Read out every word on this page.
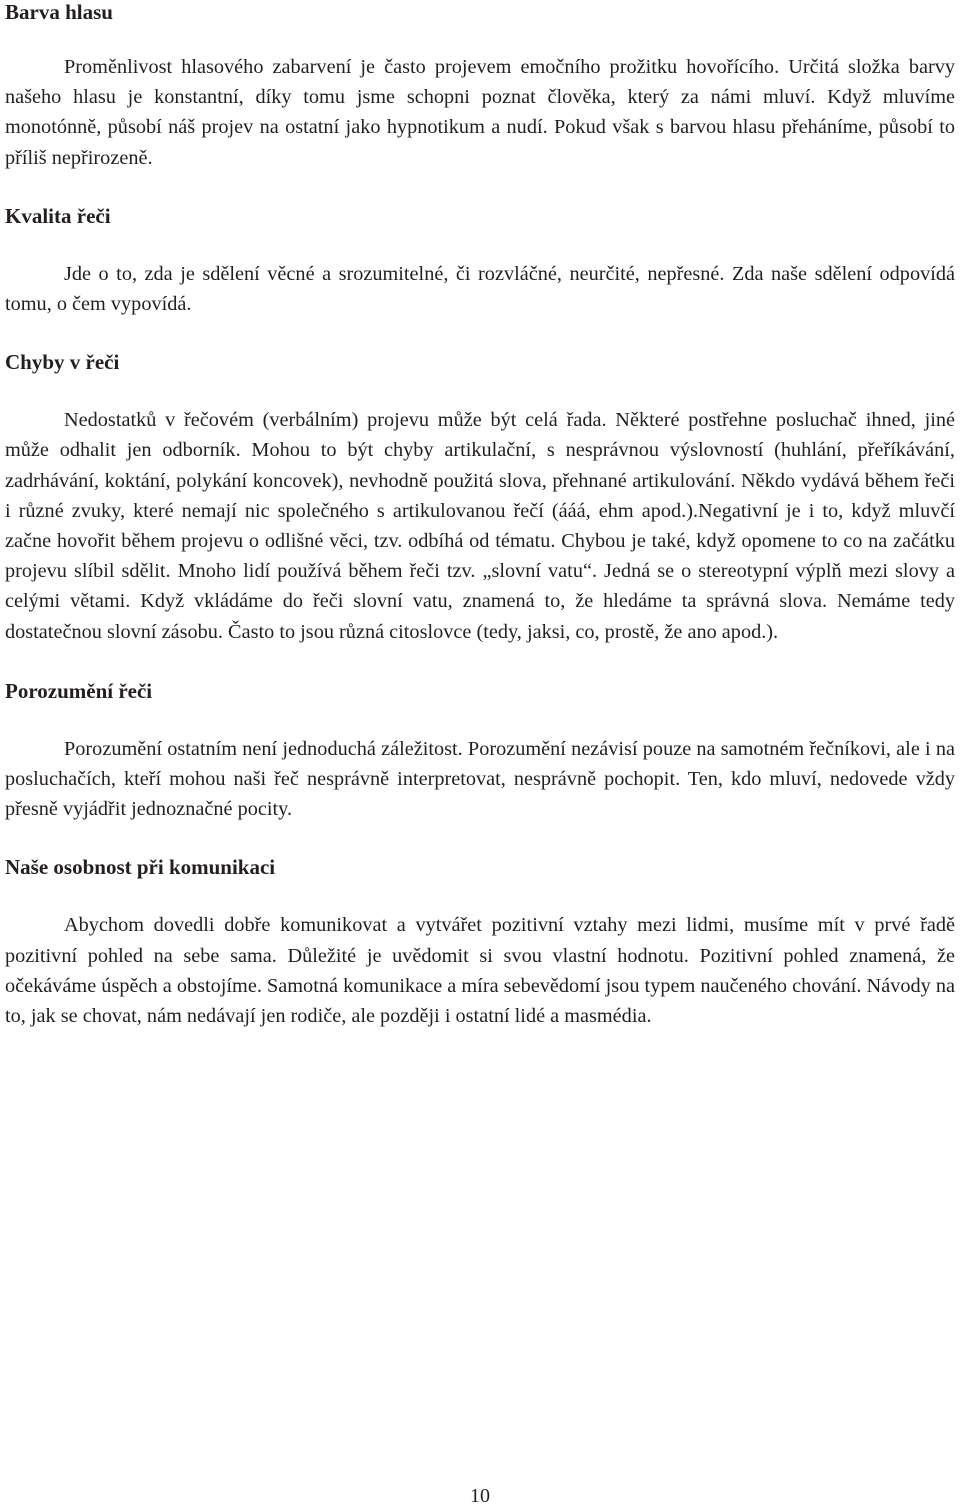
Barva hlasu

Proměnlivost hlasového zabarvení je často projevem emočního prožitku hovořícího. Určitá složka barvy našeho hlasu je konstantní, díky tomu jsme schopni poznat člověka, který za námi mluví. Když mluvíme monotónně, působí náš projev na ostatní jako hypnotikum a nudí. Pokud však s barvou hlasu přeháníme, působí to příliš nepřirozeně.

Kvalita řeči

Jde o to, zda je sdělení věcné a srozumitelné, či rozvláčné, neurčité, nepřesné. Zda naše sdělení odpovídá tomu, o čem vypovídá.

Chyby v řeči

Nedostatků v řečovém (verbálním) projevu může být celá řada. Některé postřehne posluchač ihned, jiné může odhalit jen odborník. Mohou to být chyby artikulační, s nesprávnou výslovností (huhlání, přeříkávání, zadrhávání, koktání, polykání koncovek), nevhodně použitá slova, přehnané artikulování. Někdo vydává během řeči i různé zvuky, které nemají nic společného s artikulovanou řečí (ááá, ehm apod.).Negativní je i to, když mluvčí začne hovořit během projevu o odlišné věci, tzv. odbíhá od tématu. Chybou je také, když opomene to co na začátku projevu slíbil sdělit. Mnoho lidí používá během řeči tzv. „slovní vatu“. Jedná se o stereotypní výplň mezi slovy a celými větami. Když vkládáme do řeči slovní vatu, znamená to, že hledáme ta správná slova. Nemáme tedy dostatečnou slovní zásobu. Často to jsou různá citoslovce (tedy, jaksi, co, prostě, že ano apod.).

Porozumění řeči

Porozumění ostatním není jednoduchá záležitost. Porozumění nezávisí pouze na samotném řečníkovi, ale i na posluchačích, kteří mohou naši řeč nesprávně interpretovat, nesprávně pochopit. Ten, kdo mluví, nedovede vždy přesně vyjádřit jednoznačné pocity.

Naše osobnost při komunikaci

Abychom dovedli dobře komunikovat a vytvářet pozitivní vztahy mezi lidmi, musíme mít v prvé řadě pozitivní pohled na sebe sama. Důležité je uvědomit si svou vlastní hodnotu. Pozitivní pohled znamená, že očekáváme úspěch a obstojíme. Samotná komunikace a míra sebevědomí jsou typem naučeného chování. Návody na to, jak se chovat, nám nedávají jen rodiče, ale později i ostatní lidé a masmédia.

10
